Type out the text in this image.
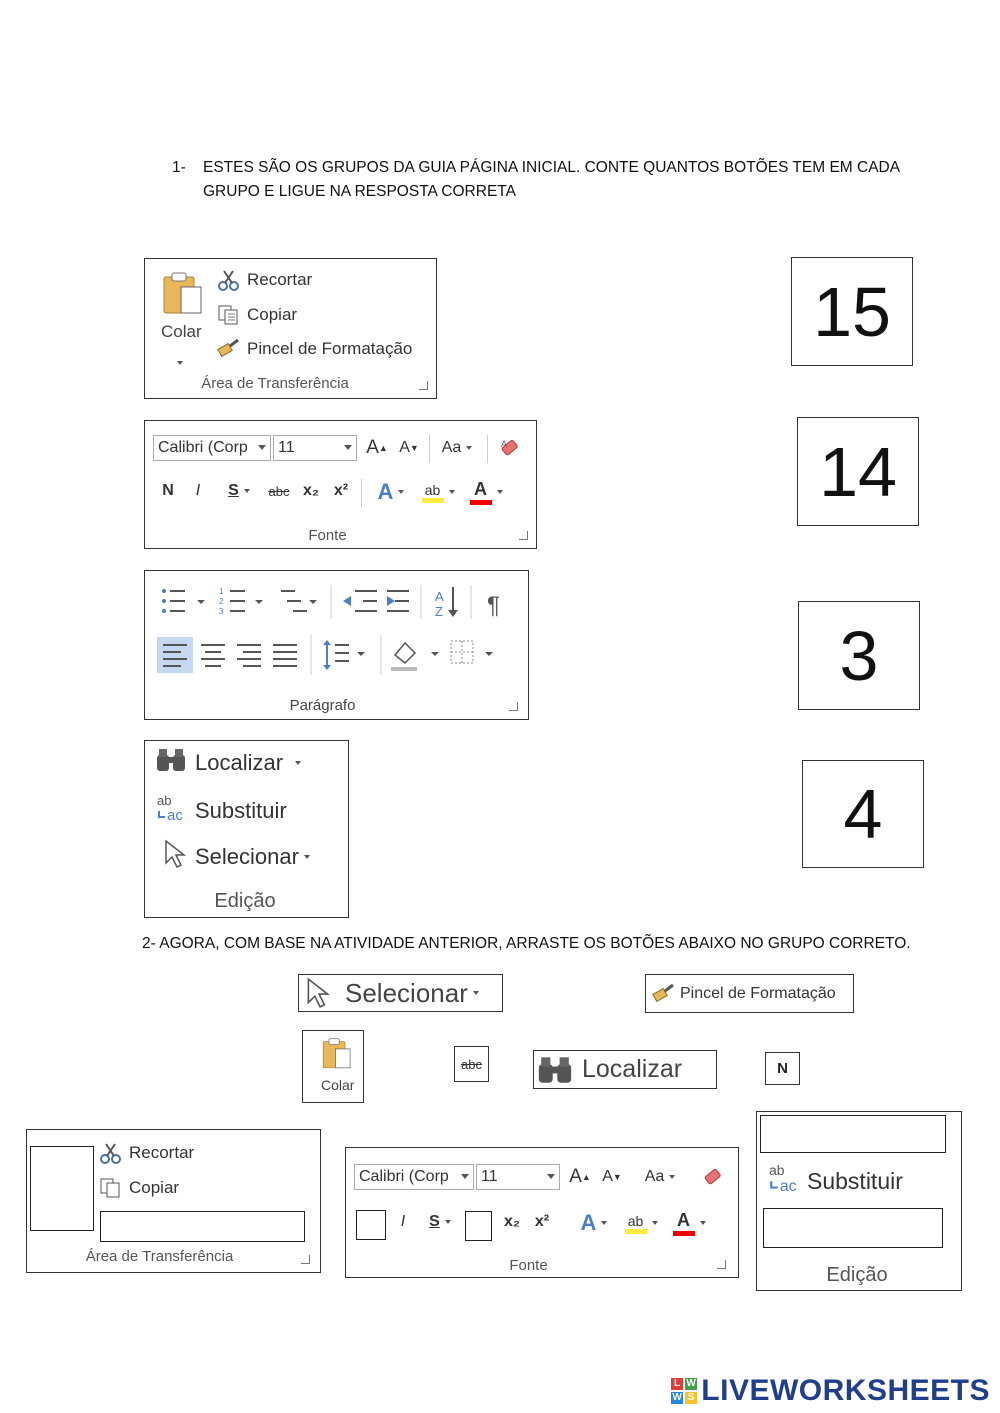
1- ESTES SÃO OS GRUPOS DA GUIA PÁGINA INICIAL. CONTE QUANTOS BOTÕES TEM EM CADA GRUPO E LIGUE NA RESPOSTA CORRETA
Colar
Recortar
Copiar
Pincel de Formatação
Área de Transferência
Calibri (Corp	11	A ▲ A ▼ Aa	A
N I S abc x₂ x² A ab A
Fonte
1
2
3
A
Z ¶
Parágrafo
Localizar
ab
ac Substituir
Selecionar
Edição
15
14
3
4
2- AGORA, COM BASE NA ATIVIDADE ANTERIOR, ARRASTE OS BOTÕES ABAIXO NO GRUPO CORRETO.
Selecionar	Pincel de Formatação
Colar
abc	Localizar	N
Recortar
Copiar
Área de Transferência
Calibri (Corp	11	A ▲ A ▼ Aa
I S	x₂ x² A ab A
Fonte
ab
ac Substituir
Edição
L W
W S LIVEWORKSHEETS
